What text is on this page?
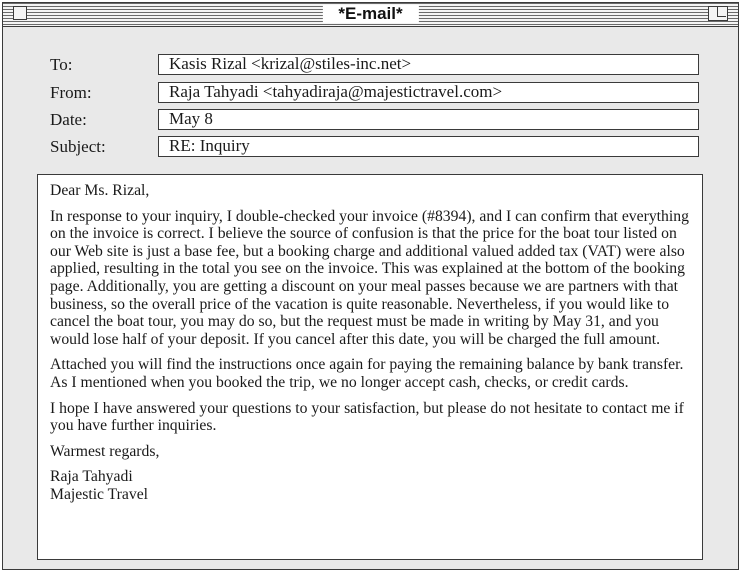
*E-mail*
To:	Kasis Rizal <krizal@stiles-inc.net>
From:	Raja Tahyadi <tahyadiraja@majestictravel.com>
Date:	May 8
Subject:	RE: Inquiry

Dear Ms. Rizal,

In response to your inquiry, I double-checked your invoice (#8394), and I can confirm that everything on the invoice is correct. I believe the source of confusion is that the price for the boat tour listed on our Web site is just a base fee, but a booking charge and additional valued added tax (VAT) were also applied, resulting in the total you see on the invoice. This was explained at the bottom of the booking page. Additionally, you are getting a discount on your meal passes because we are partners with that business, so the overall price of the vacation is quite reasonable. Nevertheless, if you would like to cancel the boat tour, you may do so, but the request must be made in writing by May 31, and you would lose half of your deposit. If you cancel after this date, you will be charged the full amount.

Attached you will find the instructions once again for paying the remaining balance by bank transfer. As I mentioned when you booked the trip, we no longer accept cash, checks, or credit cards.

I hope I have answered your questions to your satisfaction, but please do not hesitate to contact me if you have further inquiries.

Warmest regards,

Raja Tahyadi
Majestic Travel
